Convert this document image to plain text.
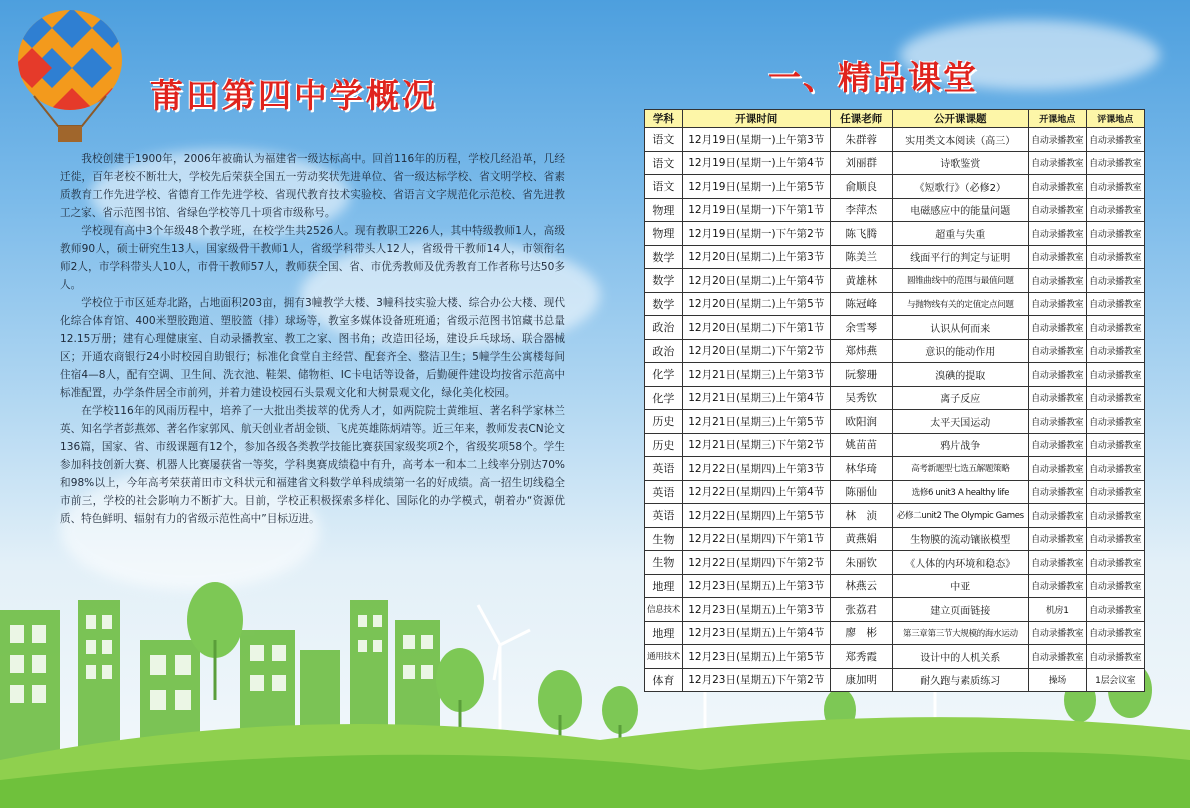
莆田第四中学概况

我校创建于1900年，2006年被确认为福建省一级达标高中。回首116年的历程，学校几经沿革，几经迁徙，百年老校不断壮大，学校先后荣获全国五一劳动奖状先进单位、省一级达标学校、省文明学校、省素质教育工作先进学校、省德育工作先进学校、省现代教育技术实验校、省语言文字规范化示范校、省先进教工之家、省示范图书馆、省绿色学校等几十项省市级称号。

学校现有高中3个年级48个教学班，在校学生共2526人。现有教职工226人，其中特级教师1人，高级教师90人，硕士研究生13人，国家级骨干教师1人，省级学科带头人12人，省级骨干教师14人，市领衔名师2人，市学科带头人10人，市骨干教师57人，教师获全国、省、市优秀教师及优秀教育工作者称号达50多人。

学校位于市区延寿北路，占地面积203亩，拥有3幢教学大楼、3幢科技实验大楼、综合办公大楼、现代化综合体育馆、400米塑胶跑道、塑胶篮（排）球场等，教室多媒体设备班班通；省级示范图书馆藏书总量12.15万册；建有心理健康室、自动录播教室、教工之家、图书角；改造田径场，建设乒乓球场、联合器械区；开通农商银行24小时校园自助银行；标准化食堂自主经营、配套齐全、整洁卫生；5幢学生公寓楼每间住宿4—8人，配有空调、卫生间、洗衣池、鞋架、储物柜、IC卡电话等设备，后勤硬件建设均按省示范高中标准配置，办学条件居全市前列，并着力建设校园石头景观文化和大树景观文化，绿化美化校园。

在学校116年的风雨历程中，培养了一大批出类拔萃的优秀人才，如两院院士黄维垣、著名科学家林兰英、知名学者彭燕郊、著名作家郭风、航天创业者胡金锁、飞虎英雄陈炳靖等。近三年来，教师发表CN论文136篇，国家、省、市级课题有12个，参加各级各类教学技能比赛获国家级奖项2个，省级奖项58个。学生参加科技创新大赛、机器人比赛屡获省一等奖，学科奥赛成绩稳中有升，高考本一和本二上线率分别达70%和98%以上，今年高考荣获莆田市文科状元和福建省文科数学单科成绩第一名的好成绩。高一招生切线稳全市前三，学校的社会影响力不断扩大。目前，学校正积极探索多样化、国际化的办学模式，朝着办“资源优质、特色鲜明、辐射有力的省级示范性高中”目标迈进。

一、精品课堂
学科	开课时间	任课老师	公开课课题	开课地点	评课地点
语文	12月19日(星期一)上午第3节	朱群蓉	实用类文本阅读（高三）	自动录播教室	自动录播教室
语文	12月19日(星期一)上午第4节	刘丽群	诗歌鉴赏	自动录播教室	自动录播教室
语文	12月19日(星期一)上午第5节	俞顺良	《短歌行》（必修2）	自动录播教室	自动录播教室
物理	12月19日(星期一)下午第1节	李萍杰	电磁感应中的能量问题	自动录播教室	自动录播教室
物理	12月19日(星期一)下午第2节	陈飞腾	超重与失重	自动录播教室	自动录播教室
数学	12月20日(星期二)上午第3节	陈美兰	线面平行的判定与证明	自动录播教室	自动录播教室
数学	12月20日(星期二)上午第4节	黄雄林	圆锥曲线中的范围与最值问题	自动录播教室	自动录播教室
数学	12月20日(星期二)上午第5节	陈冠峰	与抛物线有关的定值定点问题	自动录播教室	自动录播教室
政治	12月20日(星期二)下午第1节	余雪琴	认识从何而来	自动录播教室	自动录播教室
政治	12月20日(星期二)下午第2节	郑炜燕	意识的能动作用	自动录播教室	自动录播教室
化学	12月21日(星期三)上午第3节	阮黎珊	溴碘的提取	自动录播教室	自动录播教室
化学	12月21日(星期三)上午第4节	吴秀钦	离子反应	自动录播教室	自动录播教室
历史	12月21日(星期三)上午第5节	欧阳润	太平天国运动	自动录播教室	自动录播教室
历史	12月21日(星期三)下午第2节	姚苗苗	鸦片战争	自动录播教室	自动录播教室
英语	12月22日(星期四)上午第3节	林华琦	高考新题型七选五解题策略	自动录播教室	自动录播教室
英语	12月22日(星期四)上午第4节	陈丽仙	选修6 unit3 A healthy life	自动录播教室	自动录播教室
英语	12月22日(星期四)上午第5节	林　浈	必修二unit2 The Olympic Games	自动录播教室	自动录播教室
生物	12月22日(星期四)下午第1节	黄燕娟	生物膜的流动镶嵌模型	自动录播教室	自动录播教室
生物	12月22日(星期四)下午第2节	朱丽钦	《人体的内环境和稳态》	自动录播教室	自动录播教室
地理	12月23日(星期五)上午第3节	林燕云	中亚	自动录播教室	自动录播教室
信息技术	12月23日(星期五)上午第3节	张荔君	建立页面链接	机房1	自动录播教室
地理	12月23日(星期五)上午第4节	廖　彬	第三章第三节大规模的海水运动	自动录播教室	自动录播教室
通用技术	12月23日(星期五)上午第5节	郑秀霞	设计中的人机关系	自动录播教室	自动录播教室
体育	12月23日(星期五)下午第2节	康加明	耐久跑与素质练习	操场	1层会议室
